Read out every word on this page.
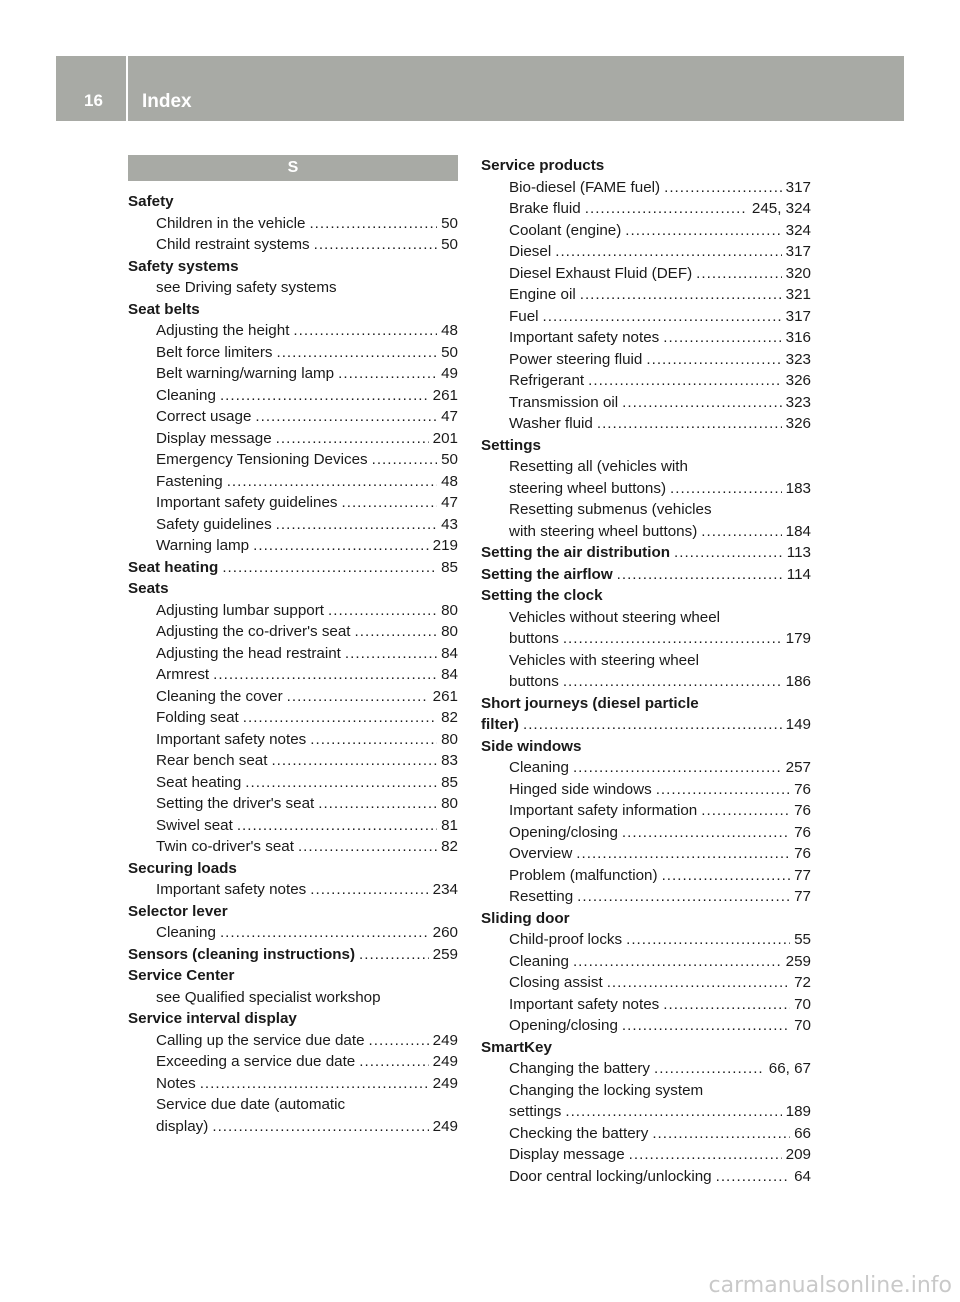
16 Index
S
Safety
Children in the vehicle .....	50
Child restraint systems .....	50
Safety systems
see Driving safety systems
Seat belts
Adjusting the height .....	48
Belt force limiters .....	50
Belt warning/warning lamp .....	49
Cleaning .....	261
Correct usage .....	47
Display message .....	201
Emergency Tensioning Devices .....	50
Fastening .....	48
Important safety guidelines .....	47
Safety guidelines .....	43
Warning lamp .....	219
Seat heating .....	85
Seats
Adjusting lumbar support .....	80
Adjusting the co-driver's seat .....	80
Adjusting the head restraint .....	84
Armrest .....	84
Cleaning the cover .....	261
Folding seat .....	82
Important safety notes .....	80
Rear bench seat .....	83
Seat heating .....	85
Setting the driver's seat .....	80
Swivel seat .....	81
Twin co-driver's seat .....	82
Securing loads
Important safety notes .....	234
Selector lever
Cleaning .....	260
Sensors (cleaning instructions) .....	259
Service Center
see Qualified specialist workshop
Service interval display
Calling up the service due date .....	249
Exceeding a service due date .....	249
Notes .....	249
Service due date (automatic
display) .....	249
Service products
Bio-diesel (FAME fuel) .....	317
Brake fluid .....	245, 324
Coolant (engine) .....	324
Diesel .....	317
Diesel Exhaust Fluid (DEF) .....	320
Engine oil .....	321
Fuel .....	317
Important safety notes .....	316
Power steering fluid .....	323
Refrigerant .....	326
Transmission oil .....	323
Washer fluid .....	326
Settings
Resetting all (vehicles with
steering wheel buttons) .....	183
Resetting submenus (vehicles
with steering wheel buttons) .....	184
Setting the air distribution .....	113
Setting the airflow .....	114
Setting the clock
Vehicles without steering wheel
buttons .....	179
Vehicles with steering wheel
buttons .....	186
Short journeys (diesel particle
filter) .....	149
Side windows
Cleaning .....	257
Hinged side windows .....	76
Important safety information .....	76
Opening/closing .....	76
Overview .....	76
Problem (malfunction) .....	77
Resetting .....	77
Sliding door
Child-proof locks .....	55
Cleaning .....	259
Closing assist .....	72
Important safety notes .....	70
Opening/closing .....	70
SmartKey
Changing the battery .....	66, 67
Changing the locking system
settings .....	189
Checking the battery .....	66
Display message .....	209
Door central locking/unlocking .....	64
carmanualsonline.info
